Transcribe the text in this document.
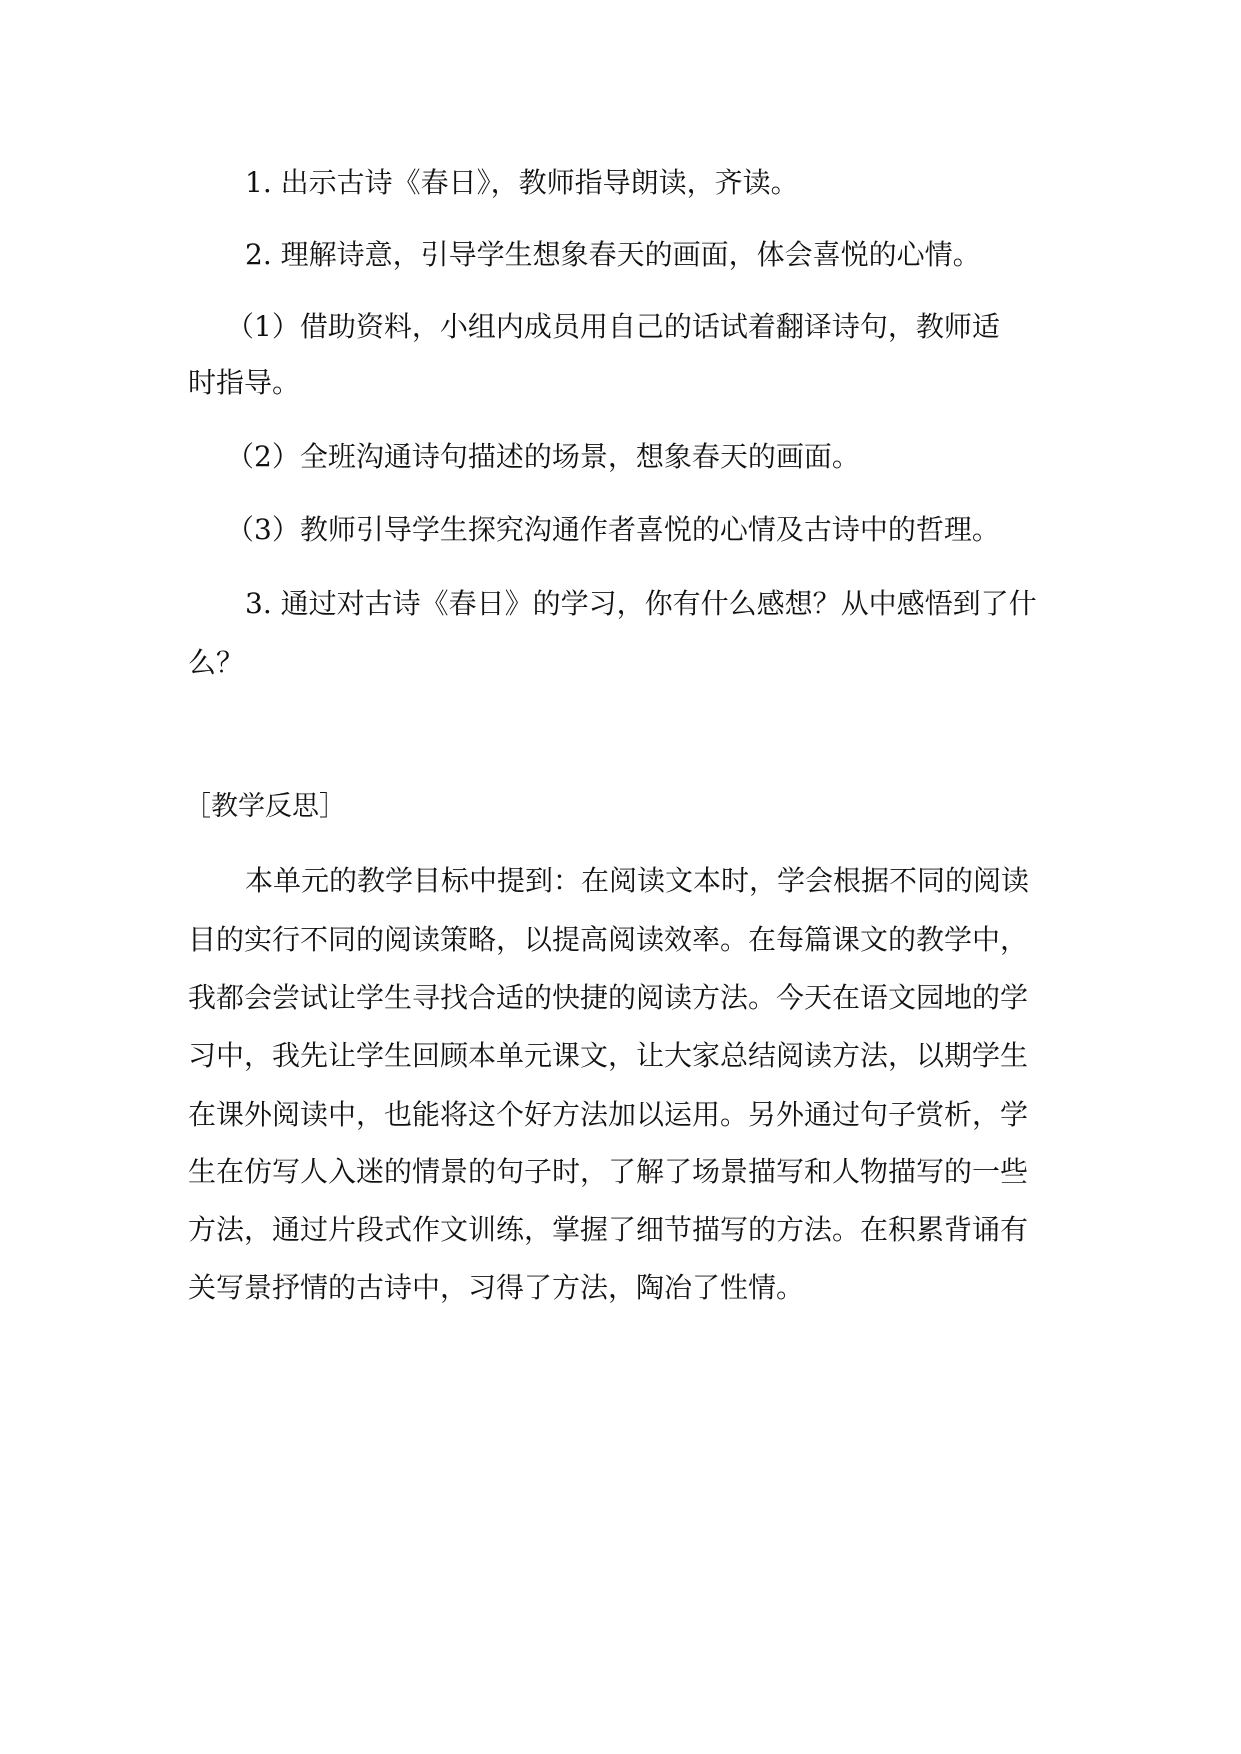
1. 出示古诗《春日》，教师指导朗读，齐读。
2. 理解诗意，引导学生想象春天的画面，体会喜悦的心情。
（1）借助资料，小组内成员用自己的话试着翻译诗句，教师适
时指导。
（2）全班沟通诗句描述的场景，想象春天的画面。
（3）教师引导学生探究沟通作者喜悦的心情及古诗中的哲理。
3. 通过对古诗《春日》的学习，你有什么感想？从中感悟到了什
么？
［教学反思］
本单元的教学目标中提到：在阅读文本时，学会根据不同的阅读
目的实行不同的阅读策略，以提高阅读效率。在每篇课文的教学中，
我都会尝试让学生寻找合适的快捷的阅读方法。今天在语文园地的学
习中，我先让学生回顾本单元课文，让大家总结阅读方法，以期学生
在课外阅读中，也能将这个好方法加以运用。另外通过句子赏析，学
生在仿写人入迷的情景的句子时，了解了场景描写和人物描写的一些
方法，通过片段式作文训练，掌握了细节描写的方法。在积累背诵有
关写景抒情的古诗中，习得了方法，陶冶了性情。
